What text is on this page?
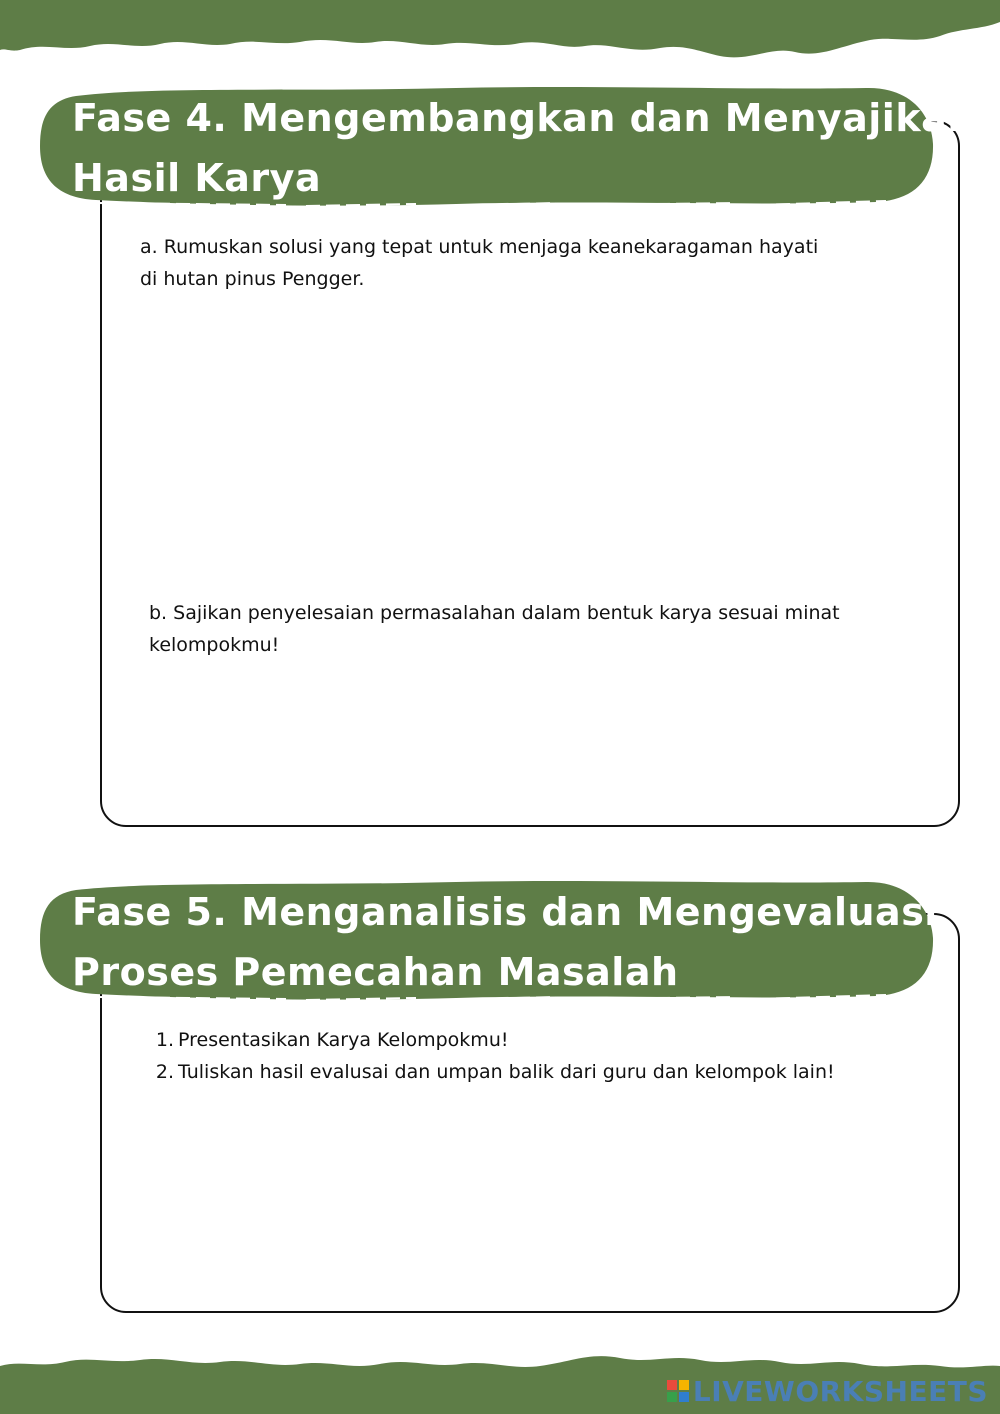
Fase 4. Mengembangkan dan Menyajikan
Hasil Karya
a. Rumuskan solusi yang tepat untuk menjaga keanekaragaman hayati
di hutan pinus Pengger.
b. Sajikan penyelesaian permasalahan dalam bentuk karya sesuai minat
kelompokmu!
Fase 5. Menganalisis dan Mengevaluasi
Proses Pemecahan Masalah
1. Presentasikan Karya Kelompokmu!
2. Tuliskan hasil evalusai dan umpan balik dari guru dan kelompok lain!
LIVEWORKSHEETS
